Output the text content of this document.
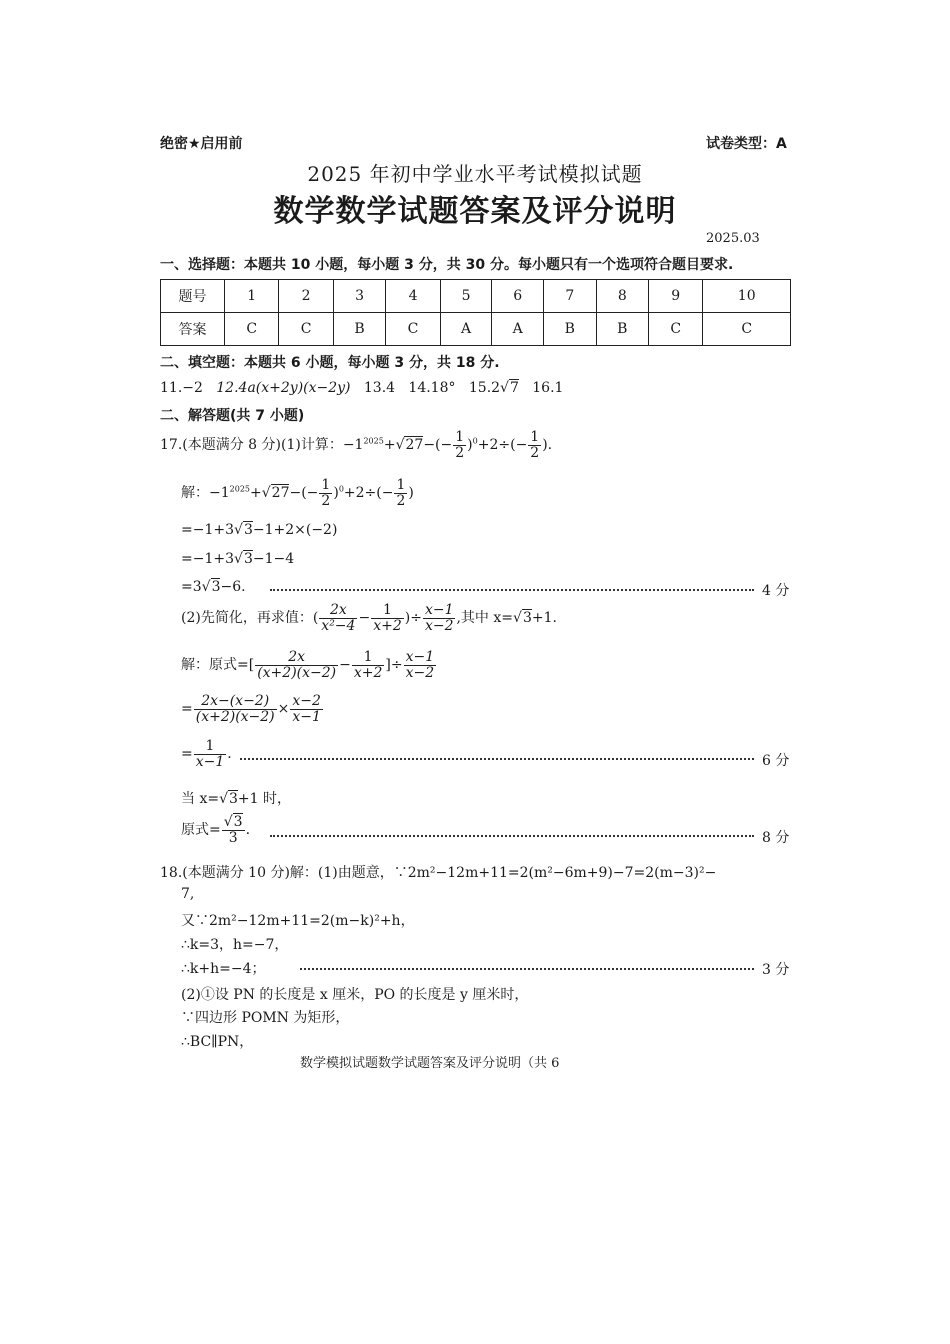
绝密★启用前	试卷类型：A
2025 年初中学业水平考试模拟试题
数学数学试题答案及评分说明
2025.03
一、选择题：本题共 10 小题，每小题 3 分，共 30 分。每小题只有一个选项符合题目要求.
题号	1	2	3	4	5	6	7	8	9	10
答案	C	C	B	C	A	A	B	B	C	C
二、填空题：本题共 6 小题，每小题 3 分，共 18 分.
11.−2 12.4a(x+2y)(x−2y) 13.4 14.18° 15.2√7 16.1
二、解答题(共 7 小题)
17.(本题满分 8 分)(1)计算：$-1^{2025}+√27-(- \frac{1}{2} )^0+2\div(- \frac{1}{2}$ ).
解：$-1^{2025}+√27-(- \frac{1}{2} )^0+2\div(- \frac{1}{2}$ )
=−1+3√3−1+2×(−2)
=−1+3√3−1−4
=3√3−6.	4 分
(2)先简化，再求值：( $\frac{2x}{\text{x²−4}} - \frac{1}{x+2}$ )÷ $\frac{x-1}{x-2}$ ,其中 x=√3+1.
解：原式=[ $\frac{2x}{(x+2)(x-2)} - \frac{1}{x+2}$ ]÷ $\frac{x-1}{x-2}$
= $\frac{2x-(x-2)}{(x+2)(x-2)} \times \frac{x-2}{x-1}$
= $\frac{1}{x-1}$ .	6 分
当 x=√3+1 时，
原式= $\frac{√3}{3}$ .	8 分
18.(本题满分 10 分)解：(1)由题意，∵2m²−12m+11=2(m²−6m+9)−7=2(m−3)²−
7,
又∵2m²−12m+11=2(m−k)²+h，
∴k=3，h=−7，
∴k+h=−4；	3 分
(2)①设 PN 的长度是 x 厘米，PO 的长度是 y 厘米时，
∵四边形 POMN 为矩形，
∴BC∥PN，
数学模拟试题数学试题答案及评分说明（共 6
